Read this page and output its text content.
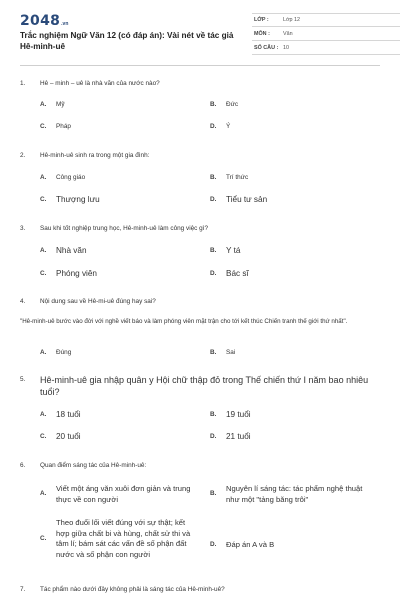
2048 .vn
Trắc nghiệm Ngữ Văn 12 (có đáp án): Vài nét về tác giả Hê-minh-uê
LỚP :	Lớp 12
MÔN :	Văn
SỐ CÂU : 10
1.	Hê – minh – uê là nhà văn của nước nào?
A.	Mỹ	B.	Đức
C.	Pháp	D.	Ý
2.	Hê-minh-uê sinh ra trong một gia đình:
A.	Công giáo	B.	Trí thức
C.	Thượng lưu	D.	Tiểu tư sản
3.	Sau khi tốt nghiệp trung học, Hê-minh-uê làm công việc gì?
A.	Nhà văn	B.	Y tá
C.	Phóng viên	D.	Bác sĩ
4.	Nội dung sau về Hê-mi-uê đúng hay sai?
"Hê-minh-uê bước vào đời với nghề viết báo và làm phóng viên mặt trận cho tới kết thúc Chiến tranh thế giới thứ nhất".
A.	Đúng	B.	Sai
5.	Hê-minh-uê gia nhập quân y Hội chữ thập đỏ trong Thế chiến thứ I năm bao nhiêu tuổi?
A.	18 tuổi	B.	19 tuổi
C.	20 tuổi	D.	21 tuổi
6.	Quan điểm sáng tác của Hê-minh-uê:
A.
Viết một áng văn xuôi đơn giản và trung thực về con người
B.
Nguyên lí sáng tác: tác phẩm nghệ thuật như một "tảng băng trôi"
C.
Theo đuổi lối viết đúng với sự thật; kết hợp giữa chất bi và hùng, chất sử thi và tâm lí; bám sát các vấn đề số phận đất nước và số phận con người
D.	Đáp án A và B
7.	Tác phẩm nào dưới đây không phải là sáng tác của Hê-minh-uê?
